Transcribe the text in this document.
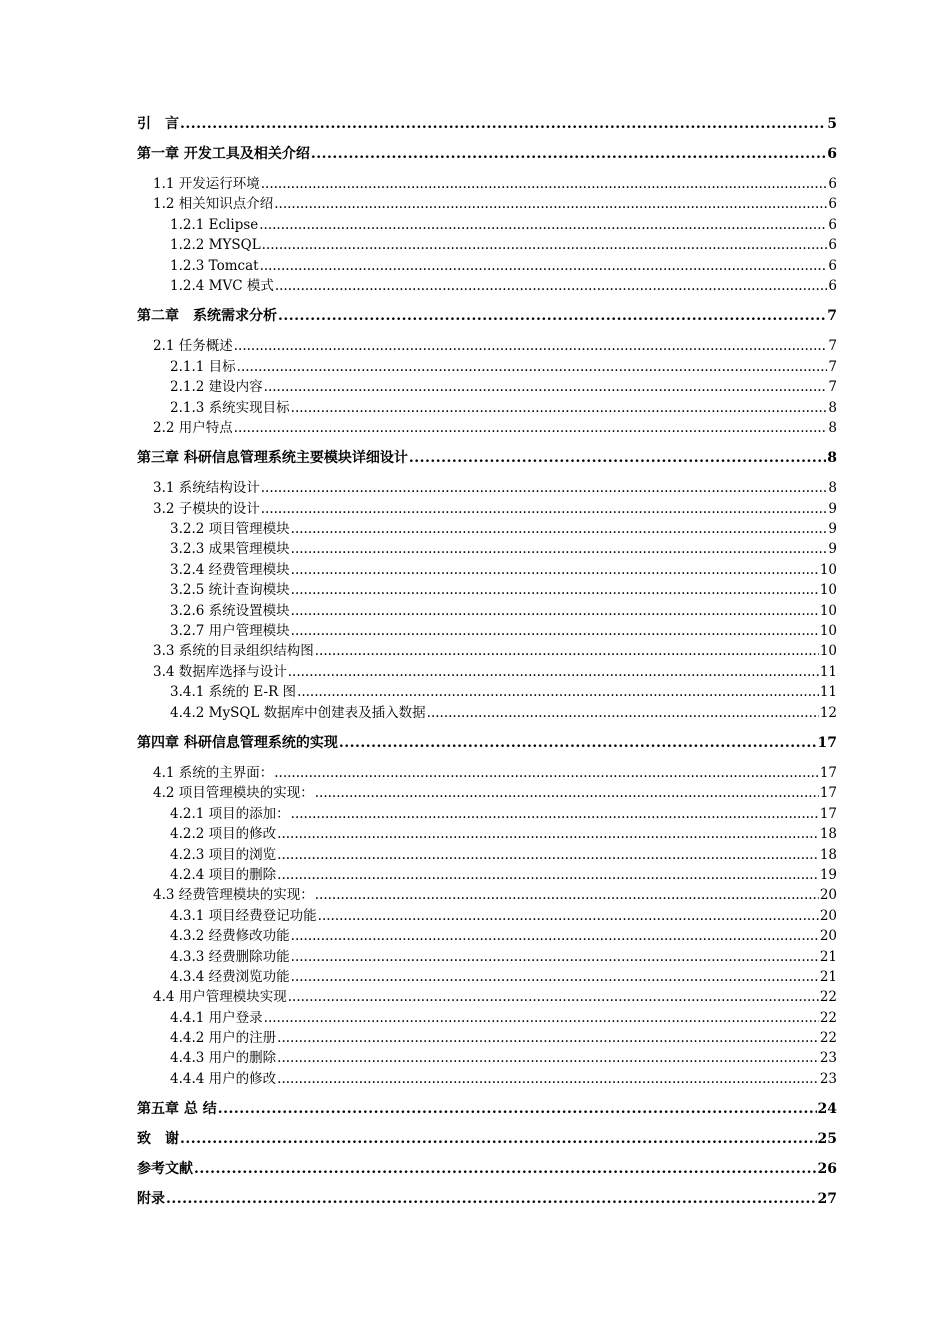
引　言 .....	5
第一章 开发工具及相关介绍 .....	6
1.1 开发运行环境 .....	6
1.2 相关知识点介绍 .....	6
1.2.1 Eclipse .....	6
1.2.2 MYSQL .....	6
1.2.3 Tomcat .....	6
1.2.4 MVC 模式 .....	6
第二章　系统需求分析 .....	7
2.1 任务概述 .....	7
2.1.1 目标 .....	7
2.1.2 建设内容 .....	7
2.1.3 系统实现目标 .....	8
2.2 用户特点 .....	8
第三章 科研信息管理系统主要模块详细设计 .....	8
3.1 系统结构设计 .....	8
3.2 子模块的设计 .....	9
3.2.2 项目管理模块 .....	9
3.2.3 成果管理模块 .....	9
3.2.4 经费管理模块 .....	10
3.2.5 统计查询模块 .....	10
3.2.6 系统设置模块 .....	10
3.2.7 用户管理模块 .....	10
3.3 系统的目录组织结构图 .....	10
3.4 数据库选择与设计 .....	11
3.4.1 系统的 E-R 图 .....	11
4.4.2 MySQL 数据库中创建表及插入数据 .....	12
第四章 科研信息管理系统的实现 .....	17
4.1 系统的主界面： .....	17
4.2 项目管理模块的实现： .....	17
4.2.1 项目的添加： .....	17
4.2.2 项目的修改 .....	18
4.2.3 项目的浏览 .....	18
4.2.4 项目的删除 .....	19
4.3 经费管理模块的实现： .....	20
4.3.1 项目经费登记功能 .....	20
4.3.2 经费修改功能 .....	20
4.3.3 经费删除功能 .....	21
4.3.4 经费浏览功能 .....	21
4.4 用户管理模块实现 .....	22
4.4.1 用户登录 .....	22
4.4.2 用户的注册 .....	22
4.4.3 用户的删除 .....	23
4.4.4 用户的修改 .....	23
第五章 总 结 .....	24
致　谢 .....	25
参考文献 .....	26
附录 .....	27
